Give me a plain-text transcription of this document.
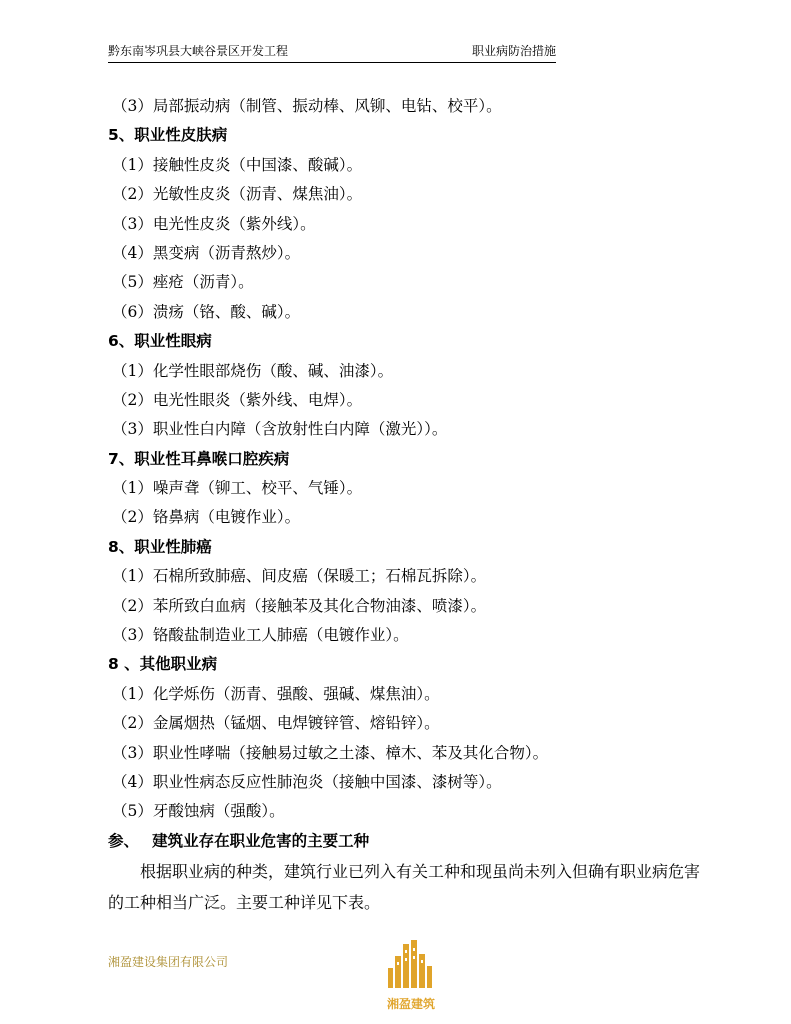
黔东南岑巩县大峡谷景区开发工程	职业病防治措施
（3）局部振动病（制管、振动棒、风铆、电钻、校平）。
5、职业性皮肤病
（1）接触性皮炎（中国漆、酸碱）。
（2）光敏性皮炎（沥青、煤焦油）。
（3）电光性皮炎（紫外线）。
（4）黑变病（沥青熬炒）。
（5）痤疮（沥青）。
（6）溃疡（铬、酸、碱）。
6、职业性眼病
（1）化学性眼部烧伤（酸、碱、油漆）。
（2）电光性眼炎（紫外线、电焊）。
（3）职业性白内障（含放射性白内障（激光））。
7、职业性耳鼻喉口腔疾病
（1）噪声聋（铆工、校平、气锤）。
（2）铬鼻病（电镀作业）。
8、职业性肺癌
（1）石棉所致肺癌、间皮癌（保暖工；石棉瓦拆除）。
（2）苯所致白血病（接触苯及其化合物油漆、喷漆）。
（3）铬酸盐制造业工人肺癌（电镀作业）。
8 、其他职业病
（1）化学烁伤（沥青、强酸、强碱、煤焦油）。
（2）金属烟热（锰烟、电焊镀锌管、熔铅锌）。
（3）职业性哮喘（接触易过敏之土漆、樟木、苯及其化合物）。
（4）职业性病态反应性肺泡炎（接触中国漆、漆树等）。
（5）牙酸蚀病（强酸）。
参、　 建筑业存在职业危害的主要工种

根据职业病的种类，建筑行业已列入有关工种和现虽尚未列入但确有职业病危害的工种相当广泛。主要工种详见下表。

湘盈建设集团有限公司
湘盈建筑
